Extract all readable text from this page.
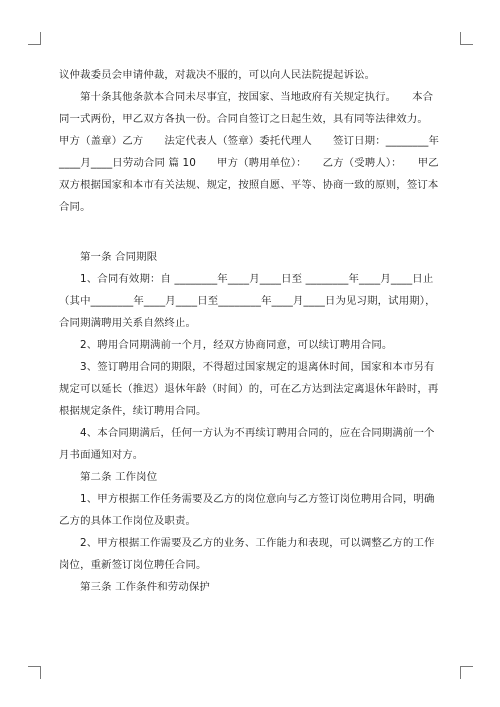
议仲裁委员会申请仲裁，对裁决不服的，可以向人民法院提起诉讼。

第十条其他条款本合同未尽事宜，按国家、当地政府有关规定执行。　　本合同一式两份，甲乙双方各执一份。合同自签订之日起生效，具有同等法律效力。　　甲方（盖章）乙方　　法定代表人（签章）委托代理人　　签订日期：________年____月____日劳动合同 篇 10　　甲方（聘用单位）：　　乙方（受聘人）：　　甲乙双方根据国家和本市有关法规、规定，按照自愿、平等、协商一致的原则，签订本合同。

第一条 合同期限

1、合同有效期：自 ________年____月____日至 ________年____月____日止（其中________年____月____日至________年____月____日为见习期，试用期），合同期满聘用关系自然终止。

2、聘用合同期满前一个月，经双方协商同意，可以续订聘用合同。

3、签订聘用合同的期限，不得超过国家规定的退离休时间，国家和本市另有规定可以延长（推迟）退休年龄（时间）的，可在乙方达到法定离退休年龄时，再根据规定条件，续订聘用合同。

4、本合同期满后，任何一方认为不再续订聘用合同的，应在合同期满前一个月书面通知对方。

第二条 工作岗位

1、甲方根据工作任务需要及乙方的岗位意向与乙方签订岗位聘用合同，明确乙方的具体工作岗位及职责。

2、甲方根据工作需要及乙方的业务、工作能力和表现，可以调整乙方的工作岗位，重新签订岗位聘任合同。

第三条 工作条件和劳动保护
